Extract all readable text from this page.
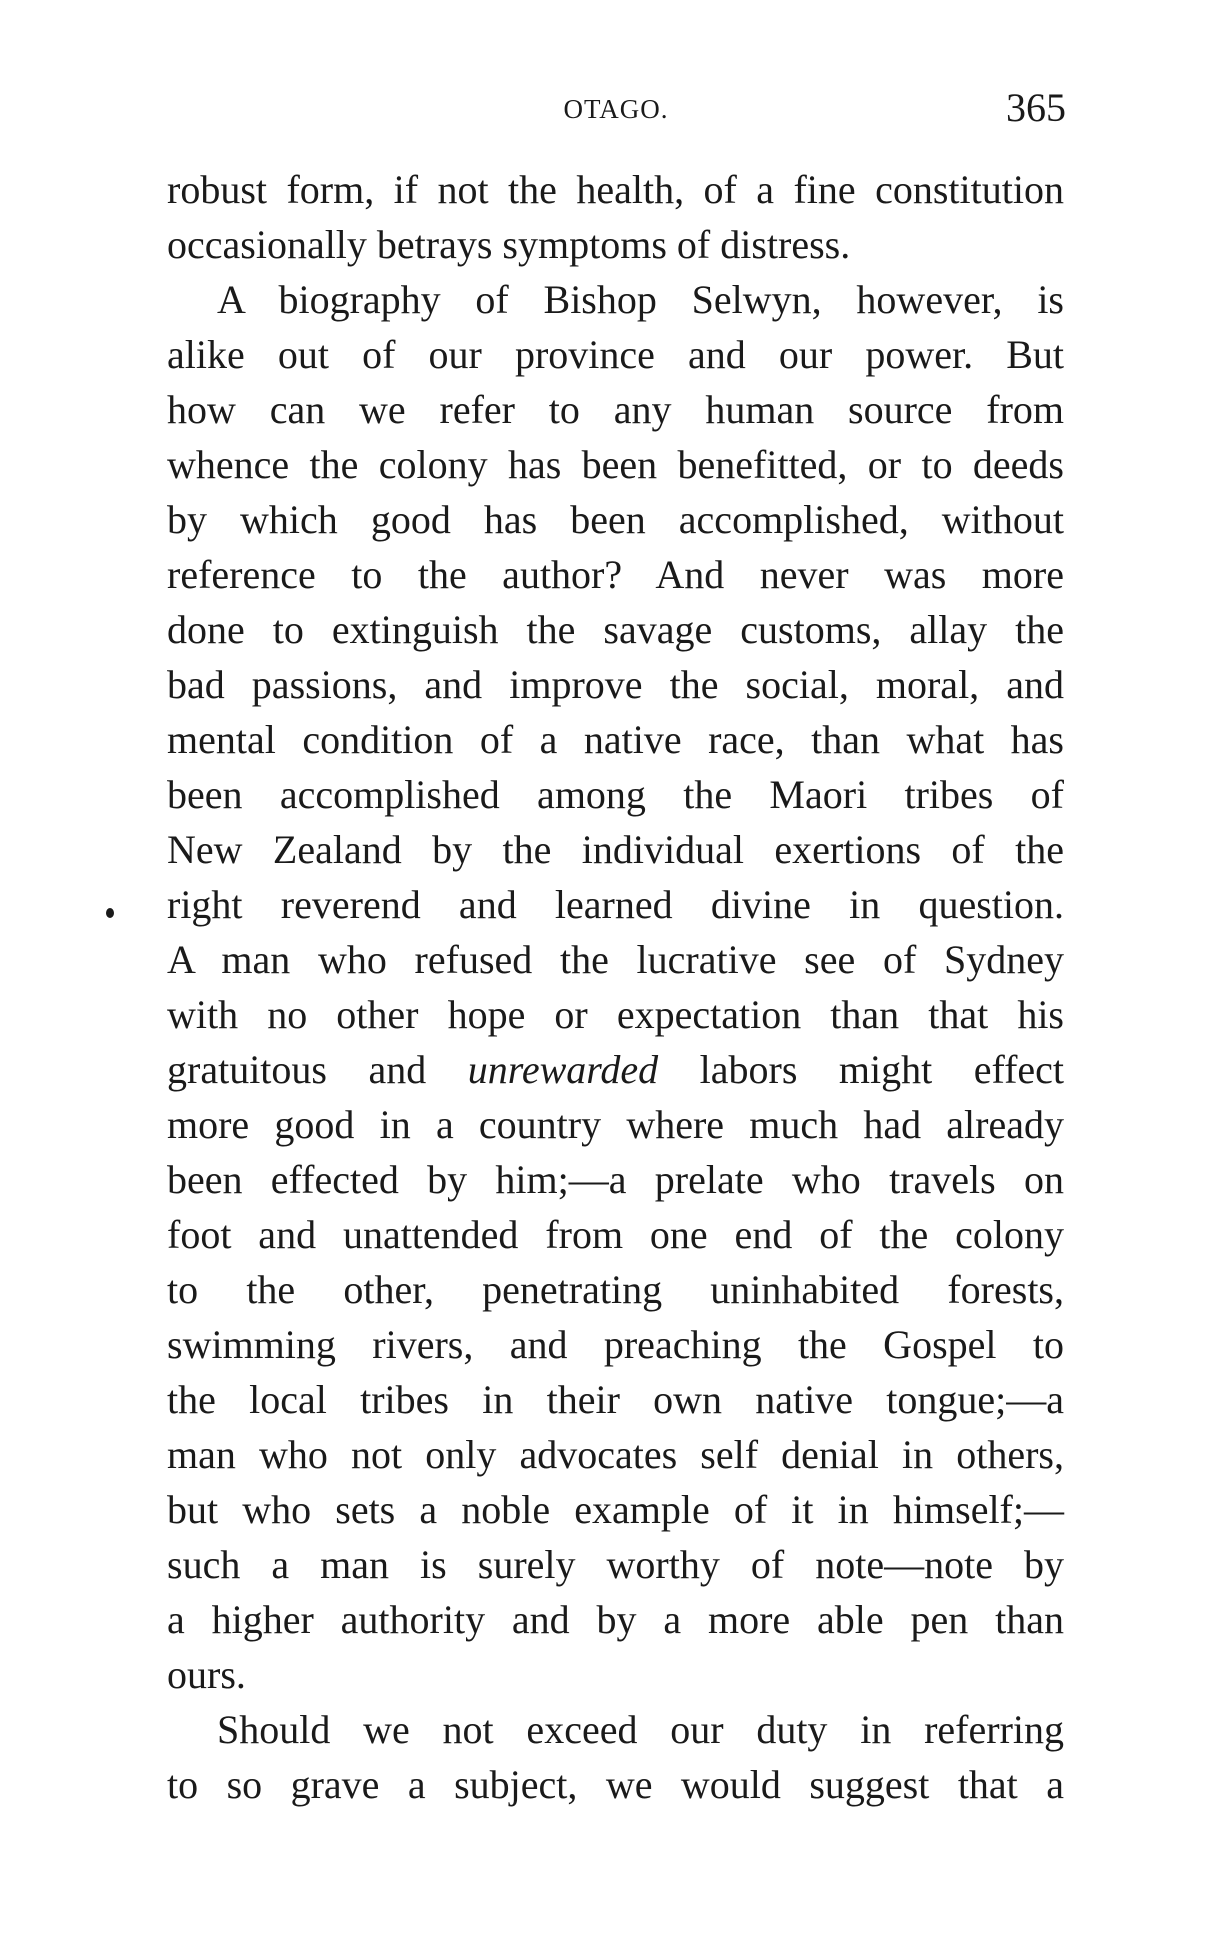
OTAGO.	365
robust form, if not the health, of a fine constitution
occasionally betrays symptoms of distress.
A biography of Bishop Selwyn, however, is
alike out of our province and our power. But
how can we refer to any human source from
whence the colony has been benefitted, or to deeds
by which good has been accomplished, without
reference to the author? And never was more
done to extinguish the savage customs, allay the
bad passions, and improve the social, moral, and
mental condition of a native race, than what has
been accomplished among the Maori tribes of
New Zealand by the individual exertions of the
right reverend and learned divine in question.
A man who refused the lucrative see of Sydney
with no other hope or expectation than that his
gratuitous and unrewarded labors might effect
more good in a country where much had already
been effected by him;—a prelate who travels on
foot and unattended from one end of the colony
to the other, penetrating uninhabited forests,
swimming rivers, and preaching the Gospel to
the local tribes in their own native tongue;—a
man who not only advocates self denial in others,
but who sets a noble example of it in himself;—
such a man is surely worthy of note—note by
a higher authority and by a more able pen than
ours.
Should we not exceed our duty in referring
to so grave a subject, we would suggest that a
